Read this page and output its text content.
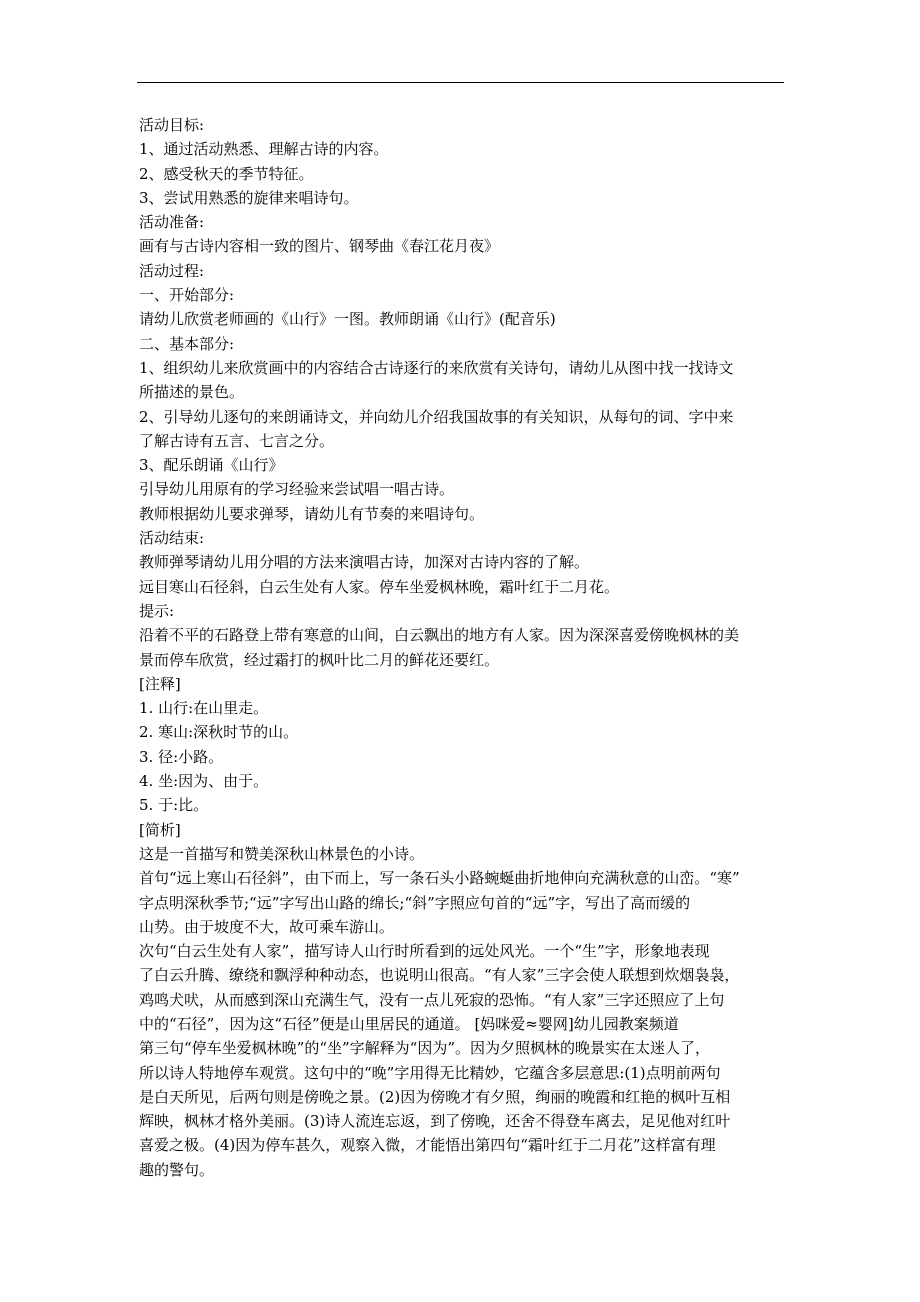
活动目标:
1、通过活动熟悉、理解古诗的内容。
2、感受秋天的季节特征。
3、尝试用熟悉的旋律来唱诗句。
活动准备:
画有与古诗内容相一致的图片、钢琴曲《春江花月夜》
活动过程:
一、开始部分:
请幼儿欣赏老师画的《山行》一图。教师朗诵《山行》(配音乐)
二、基本部分:
1、组织幼儿来欣赏画中的内容结合古诗逐行的来欣赏有关诗句，请幼儿从图中找一找诗文
所描述的景色。
2、引导幼儿逐句的来朗诵诗文，并向幼儿介绍我国故事的有关知识，从每句的词、字中来
了解古诗有五言、七言之分。
3、配乐朗诵《山行》
引导幼儿用原有的学习经验来尝试唱一唱古诗。
教师根据幼儿要求弹琴，请幼儿有节奏的来唱诗句。
活动结束:
教师弹琴请幼儿用分唱的方法来演唱古诗，加深对古诗内容的了解。
远目寒山石径斜，白云生处有人家。停车坐爱枫林晚，霜叶红于二月花。
提示:
沿着不平的石路登上带有寒意的山间，白云飘出的地方有人家。因为深深喜爱傍晚枫林的美
景而停车欣赏，经过霜打的枫叶比二月的鲜花还要红。
[注释]
1. 山行:在山里走。
2. 寒山:深秋时节的山。
3. 径:小路。
4. 坐:因为、由于。
5. 于:比。
[简析]
这是一首描写和赞美深秋山林景色的小诗。
首句“远上寒山石径斜”，由下而上，写一条石头小路蜿蜒曲折地伸向充满秋意的山峦。“寒”
字点明深秋季节;“远”字写出山路的绵长;“斜”字照应句首的“远”字，写出了高而缓的
山势。由于坡度不大，故可乘车游山。
次句“白云生处有人家”，描写诗人山行时所看到的远处风光。一个“生”字，形象地表现
了白云升腾、缭绕和飘浮种种动态，也说明山很高。“有人家”三字会使人联想到炊烟袅袅，
鸡鸣犬吠，从而感到深山充满生气，没有一点儿死寂的恐怖。“有人家”三字还照应了上句
中的“石径”，因为这“石径”便是山里居民的通道。 [妈咪爱≈婴网]幼儿园教案频道
第三句“停车坐爱枫林晚”的“坐”字解释为“因为”。因为夕照枫林的晚景实在太迷人了，
所以诗人特地停车观赏。这句中的“晚”字用得无比精妙，它蕴含多层意思:(1)点明前两句
是白天所见，后两句则是傍晚之景。(2)因为傍晚才有夕照，绚丽的晚霞和红艳的枫叶互相
辉映，枫林才格外美丽。(3)诗人流连忘返，到了傍晚，还舍不得登车离去，足见他对红叶
喜爱之极。(4)因为停车甚久，观察入微，才能悟出第四句“霜叶红于二月花”这样富有理
趣的警句。
